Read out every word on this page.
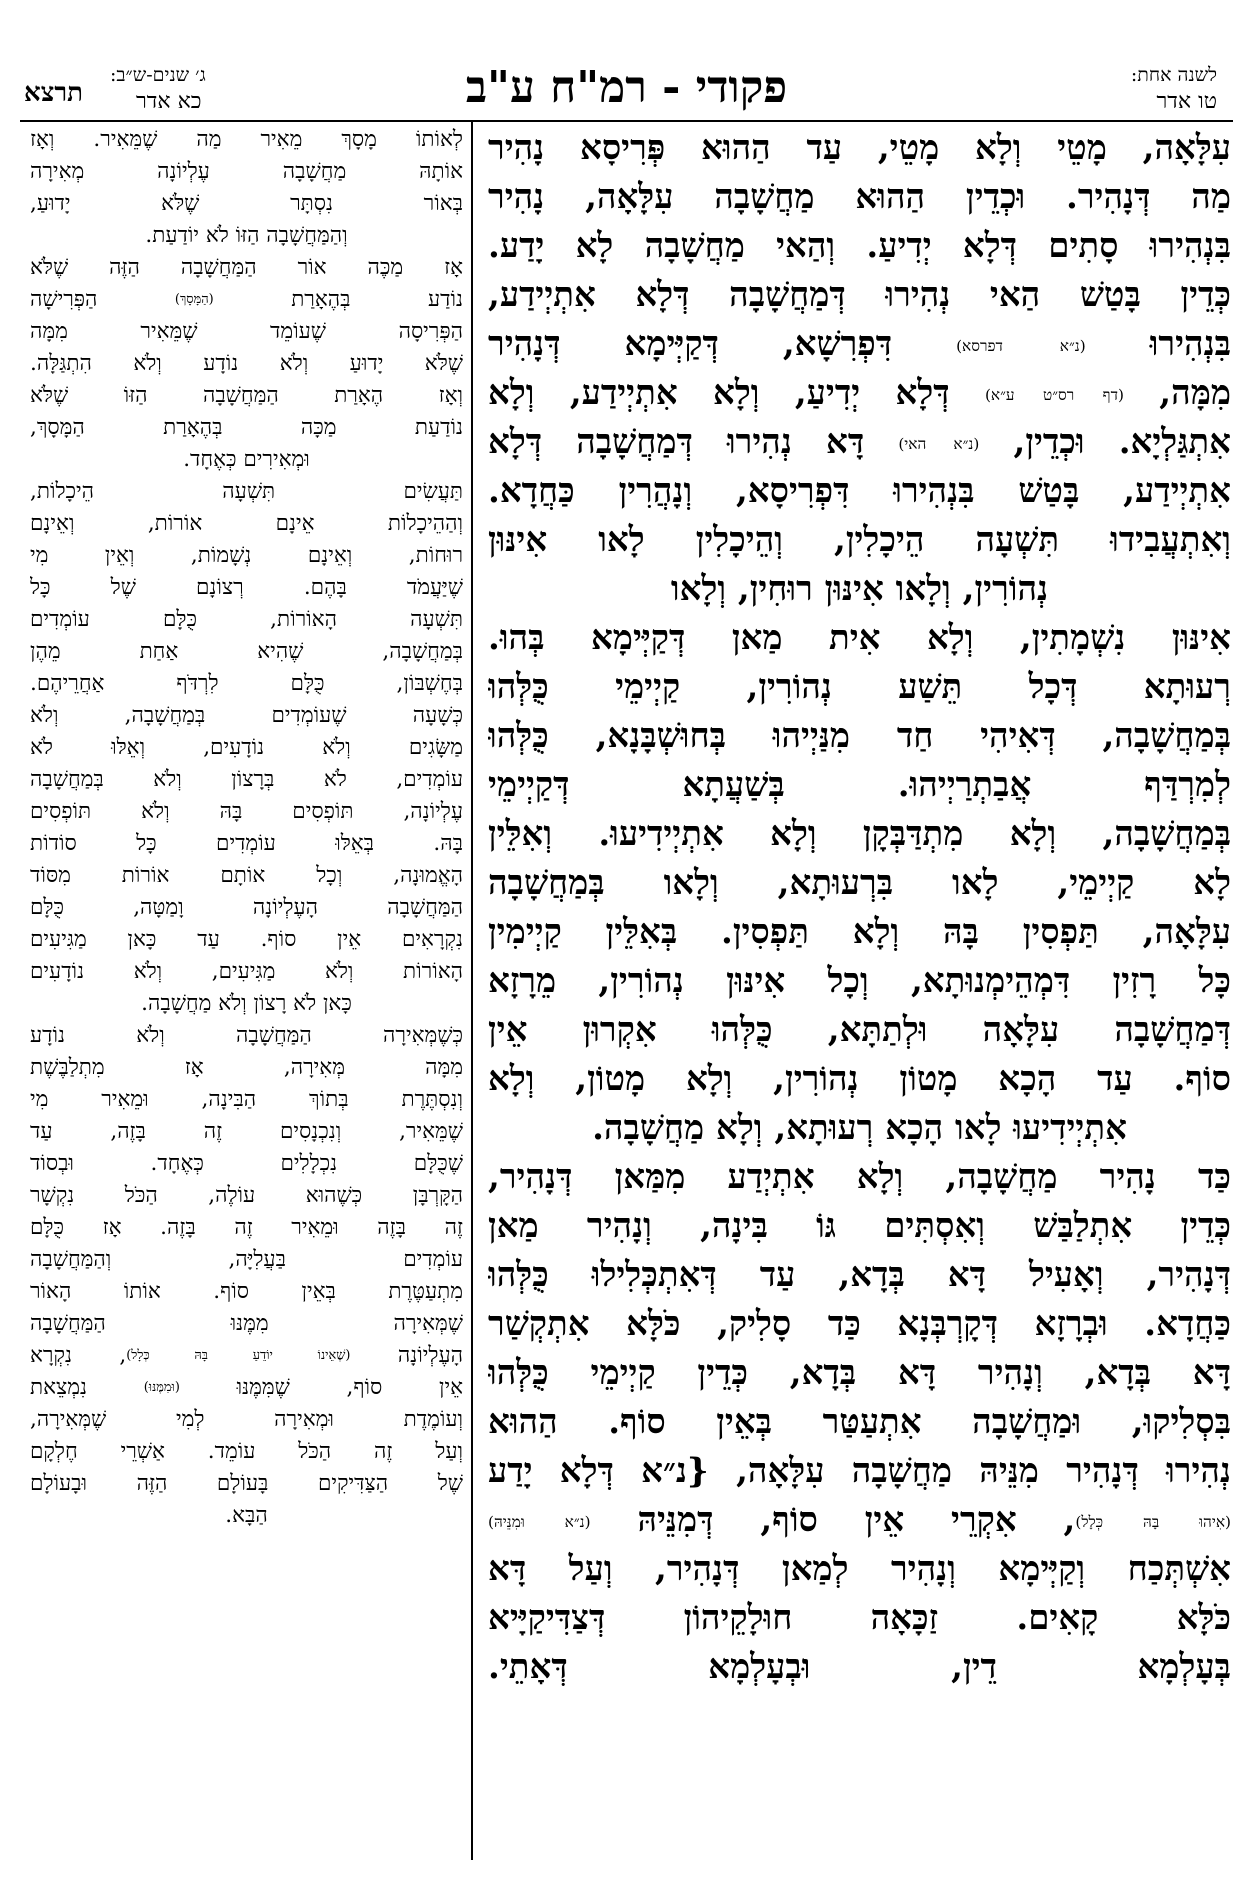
לשנה אחת:
טו אדר
פקודי - רמ"ח ע"ב
ג׳ שנים-ש״ב:
כא אדר
תרצא
עִלָּאָה, מָטֵי וְלָא מָטֵי, עַד הַהוּא פְּרִיסָא נָהִיר
מַה דְּנָהִיר. וּכְדֵין הַהוּא מַחֲשָׁבָה עִלָּאָה, נָהִיר
בִּנְהִירוּ סָתִים דְּלָא יְדִיעַ. וְהַאי מַחֲשָׁבָה לָא יָדַע.
כְּדֵין בָּטַשׁ הַאי נְהִירוּ דְּמַחֲשָׁבָה דְּלָא אִתְיְידַע,
בִּנְהִירוּ (נ״א דפרסא) דִּפְרִשָׁא, דְּקַיְּימָא דְּנָהִיר
מִמָּה, (דף רס״ט ע״א) דְּלָא יְדִיעַ, וְלָא אִתְיְידַע, וְלָא
אִתְגַּלְיָא. וּכְדֵין, (נ״א האי) דָּא נְהִירוּ דְּמַחֲשָׁבָה דְּלָא
אִתְיְידַע, בָּטַשׁ בִּנְהִירוּ דִּפְרִיסָא, וְנָהֲרִין כַּחֲדָא.
וְאִתְעֲבִידוּ תִּשְׁעָה הֵיכָלִין, וְהֵיכָלִין לָאו אִינּוּן
נְהוֹרִין, וְלָאו אִינּוּן רוּחִין, וְלָאו
אִינּוּן נִשְׁמָתִין, וְלָא אִית מַאן דְּקַיְּימָא בְּהוּ.
רְעוּתָא דְּכָל תֵּשַׁע נְהוֹרִין, קַיְימֵי כֻּלְּהוּ
בְּמַחֲשָׁבָה, דְּאִיהִי חַד מִנַּיְיהוּ בְּחוּשְׁבָּנָא, כֻּלְּהוּ
לְמִרְדַּף אֲבַתְרַיְיהוּ. בְּשַׁעֲתָא דְּקַיְימֵי
בְּמַחֲשָׁבָה, וְלָא מִתְדַּבְּקָן וְלָא אִתְיְידִיעוּ. וְאִלֵּין
לָא קַיְימֵי, לָאו בִּרְעוּתָא, וְלָאו בְּמַחֲשָׁבָה
עִלָּאָה, תַּפְסִין בָּהּ וְלָא תַּפְסִין. בְּאִלֵּין קַיְימִין
כָּל רָזִין דִּמְהֵימְנוּתָא, וְכָל אִינּוּן נְהוֹרִין, מֵרָזָא
דְּמַחֲשָׁבָה עִלָּאָה וּלְתַתָּא, כֻּלְּהוּ אִקְרוּן אֵין
סוֹף. עַד הָכָא מָטוֹן נְהוֹרִין, וְלָא מָטוֹן, וְלָא
אִתְיְידִיעוּ לָאו הָכָא רְעוּתָא, וְלָא מַחֲשָׁבָה.
כַּד נָהִיר מַחֲשָׁבָה, וְלָא אִתְיְדַע מִמַּאן דְּנָהִיר,
כְּדֵין אִתְלַבַּשׁ וְאִסְתִּים גּוֹ בִּינָה, וְנָהִיר מַאן
דְּנָהִיר, וְאָעִיל דָּא בְּדָא, עַד דְּאִתְכְּלִילוּ כֻּלְּהוּ
כַּחֲדָא. וּבְרָזָא דְּקָרְבְּנָא כַּד סָלִיק, כֹּלָּא אִתְקְשַׁר
דָּא בְּדָא, וְנָהִיר דָּא בְּדָא, כְּדֵין קַיְימֵי כֻּלְּהוּ
בִּסְלִיקוּ, וּמַחֲשָׁבָה אִתְעַטַּר בְּאֵין סוֹף. הַהוּא
נְהִירוּ דְּנָהִיר מִנֵּיהּ מַחֲשָׁבָה עִלָּאָה, {נ״א דְּלָא יָדַע
(אִיהוּ בָּהּ כְּלָל), אִקְרֵי אֵין סוֹף, דְּמִנֵּיהּ (נ״א וּמִנֵּיהּ)
אִשְׁתְּכַח וְקַיְּימָא וְנָהִיר לְמַאן דְּנָהִיר, וְעַל דָּא
כֹּלָּא קָאִים. זַכָּאָה חוּלָקֵיהוֹן דְּצַדִּיקַיָּיא
בְּעָלְמָא דֵין, וּבְעָלְמָא דְּאָתֵי.
לְאוֹתוֹ מָסָךְ מֵאִיר מַה שֶׁמֵּאִיר. וְאָז
אוֹתָהּ מַחֲשָׁבָה עֶלְיוֹנָה מְאִירָה
בְּאוֹר נִסְתָּר שֶׁלֹּא יָדוּעַ,
וְהַמַּחֲשָׁבָה הַזּוֹ לֹא יוֹדַעַת.
אָז מַכֶּה אוֹר הַמַּחֲשָׁבָה הַזֶּה שֶׁלֹּא
נוֹדַע בְּהֶאָרַת (הַמָּסָךְ) הַפְּרִישָׁה
הַפְּרִיסָה שֶׁעוֹמֵד שֶׁמֵּאִיר מִמָּה
שֶׁלֹּא יָדוּעַ וְלֹא נוֹדָע וְלֹא הִתְגַּלָּה.
וְאָז הֶאָרַת הַמַּחֲשָׁבָה הַזּוֹ שֶׁלֹּא
נוֹדַעַת מַכָּה בְּהֶאָרַת הַמָּסָךְ,
וּמְאִירִים כְּאֶחָד.
תַּעֲשִׂים תִּשְׁעָה הֵיכָלוֹת,
וְהַהֵיכָלוֹת אֵינָם אוֹרוֹת, וְאֵינָם
רוּחוֹת, וְאֵינָם נְשָׁמוֹת, וְאֵין מִי
שֶׁיַּעֲמֹד בָּהֶם. רְצוֹנָם שֶׁל כָּל
תִּשְׁעָה הָאוֹרוֹת, כֻּלָּם עוֹמְדִים
בְּמַחֲשָׁבָה, שֶׁהִיא אַחַת מֵהֶן
בְּחֶשְׁבּוֹן, כֻּלָּם לִרְדֹּף אַחֲרֵיהֶם.
כְּשָׁעָה שֶׁעוֹמְדִים בְּמַחֲשָׁבָה, וְלֹא
מַשָּׂגִים וְלֹא נוֹדָעִים, וְאֵלּוּ לֹא
עוֹמְדִים, לֹא בְּרָצוֹן וְלֹא בְּמַחֲשָׁבָה
עֶלְיוֹנָה, תּוֹפְסִים בָּהּ וְלֹא תּוֹפְסִים
בָּהּ. בְּאֵלּוּ עוֹמְדִים כָּל סוֹדוֹת
הָאֱמוּנָה, וְכָל אוֹתָם אוֹרוֹת מִסּוֹד
הַמַּחֲשָׁבָה הָעֶלְיוֹנָה וָמַטָּה, כֻּלָּם
נִקְרָאִים אֵין סוֹף. עַד כָּאן מַגִּיעִים
הָאוֹרוֹת וְלֹא מַגִּיעִים, וְלֹא נוֹדָעִים
כָּאן לֹא רָצוֹן וְלֹא מַחֲשָׁבָה.
כְּשֶׁמְּאִירָה הַמַּחֲשָׁבָה וְלֹא נוֹדָע
מִמָּה מְּאִירָה, אָז מִתְלַבֶּשֶׁת
וְנִסְתֶּרֶת בְּתוֹךְ הַבִּינָה, וּמֵאִיר מִי
שֶׁמֵּאִיר, וְנִכְנָסִים זֶה בָּזֶה, עַד
שֶׁכֻּלָּם נִכְלָלִים כְּאֶחָד. וּבְסוֹד
הַקָּרְבָּן כְּשֶׁהוּא עוֹלֶה, הַכֹּל נִקְשָׁר
זֶה בָּזֶה וּמֵאִיר זֶה בָּזֶה. אָז כֻּלָּם
עוֹמְדִים בַּעֲלִיָּה, וְהַמַּחֲשָׁבָה
מִתְעַטֶּרֶת בְּאֵין סוֹף. אוֹתוֹ הָאוֹר
שֶׁמְּאִירָה מִמֶּנּוּ הַמַּחֲשָׁבָה
הָעֶלְיוֹנָה (שֶׁאֵינוֹ יוֹדֵעַ בָּהּ כְּלָל), נִקְרָא
אֵין סוֹף, שֶׁמִּמֶּנּוּ (וּמִמֶּנּוּ) נִמְצֵאת
וְעוֹמֶדֶת וּמְאִירָה לְמִי שֶׁמְּאִירָה,
וְעַל זֶה הַכֹּל עוֹמֵד. אַשְׁרֵי חֶלְקָם
שֶׁל הַצַּדִּיקִים בָּעוֹלָם הַזֶּה וּבָעוֹלָם
הַבָּא.
